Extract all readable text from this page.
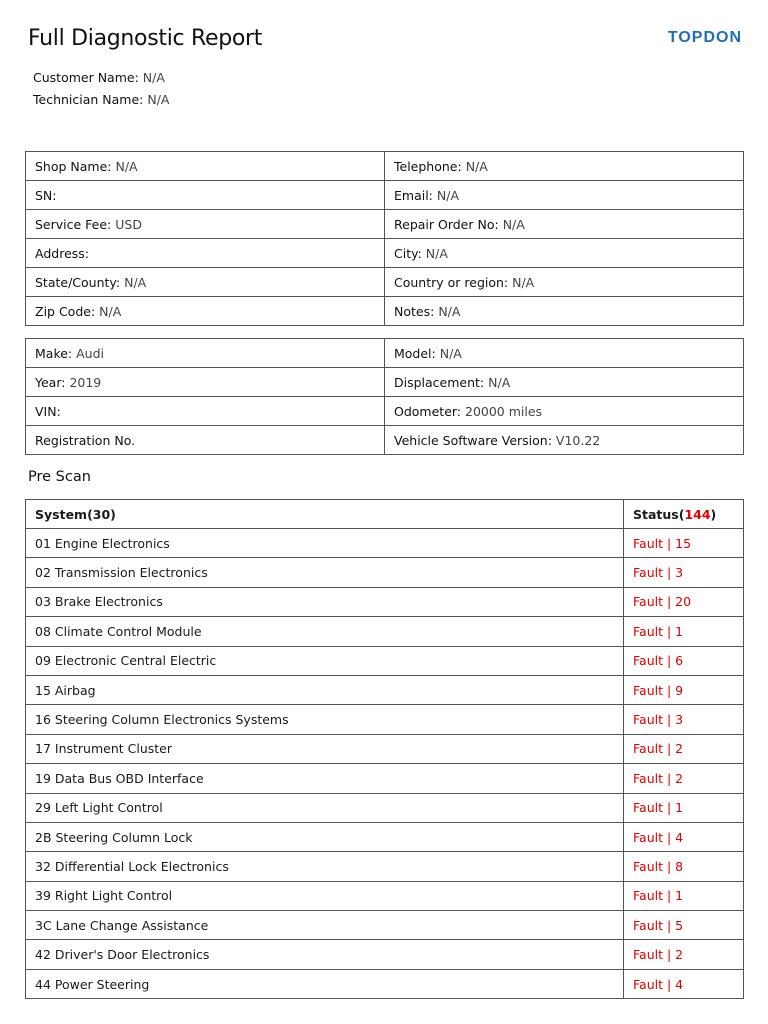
Full Diagnostic Report	TOPDON
Customer Name: N/A
Technician Name: N/A
Shop Name: N/A	Telephone: N/A
SN:	Email: N/A
Service Fee: USD	Repair Order No: N/A
Address:	City: N/A
State/County: N/A	Country or region: N/A
Zip Code: N/A	Notes: N/A
Make: Audi	Model: N/A
Year: 2019	Displacement: N/A
VIN:	Odometer: 20000 miles
Registration No.	Vehicle Software Version: V10.22
Pre Scan
System(30)	Status(144)
01 Engine Electronics	Fault | 15
02 Transmission Electronics	Fault | 3
03 Brake Electronics	Fault | 20
08 Climate Control Module	Fault | 1
09 Electronic Central Electric	Fault | 6
15 Airbag	Fault | 9
16 Steering Column Electronics Systems	Fault | 3
17 Instrument Cluster	Fault | 2
19 Data Bus OBD Interface	Fault | 2
29 Left Light Control	Fault | 1
2B Steering Column Lock	Fault | 4
32 Differential Lock Electronics	Fault | 8
39 Right Light Control	Fault | 1
3C Lane Change Assistance	Fault | 5
42 Driver's Door Electronics	Fault | 2
44 Power Steering	Fault | 4
